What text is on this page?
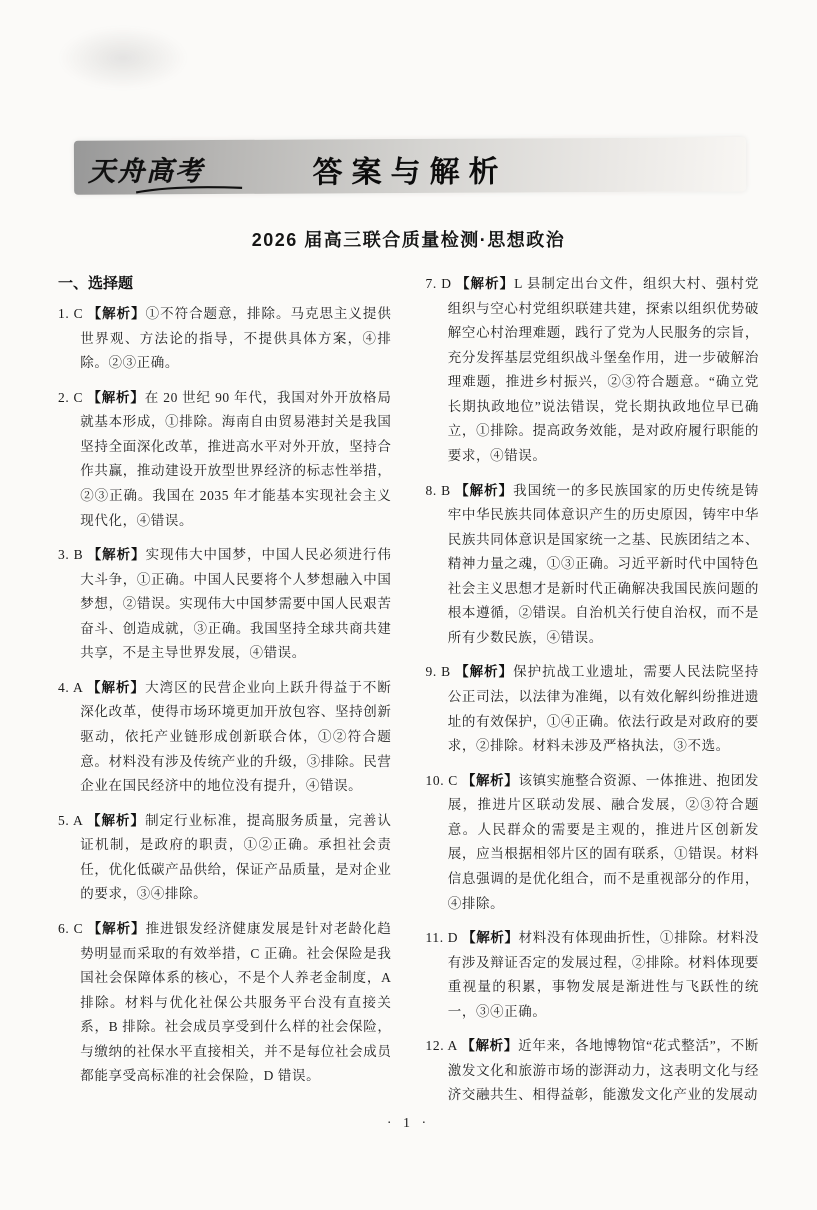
天舟高考	答案与解析
2026 届高三联合质量检测·思想政治
一、选择题

1. C 【解析】①不符合题意，排除。马克思主义提供世界观、方法论的指导，不提供具体方案，④排除。②③正确。

2. C 【解析】在 20 世纪 90 年代，我国对外开放格局就基本形成，①排除。海南自由贸易港封关是我国坚持全面深化改革，推进高水平对外开放，坚持合作共赢，推动建设开放型世界经济的标志性举措，②③正确。我国在 2035 年才能基本实现社会主义现代化，④错误。

3. B 【解析】实现伟大中国梦，中国人民必须进行伟大斗争，①正确。中国人民要将个人梦想融入中国梦想，②错误。实现伟大中国梦需要中国人民艰苦奋斗、创造成就，③正确。我国坚持全球共商共建共享，不是主导世界发展，④错误。

4. A 【解析】大湾区的民营企业向上跃升得益于不断深化改革，使得市场环境更加开放包容、坚持创新驱动，依托产业链形成创新联合体，①②符合题意。材料没有涉及传统产业的升级，③排除。民营企业在国民经济中的地位没有提升，④错误。

5. A 【解析】制定行业标准，提高服务质量，完善认证机制，是政府的职责，①②正确。承担社会责任，优化低碳产品供给，保证产品质量，是对企业的要求，③④排除。

6. C 【解析】推进银发经济健康发展是针对老龄化趋势明显而采取的有效举措，C 正确。社会保险是我国社会保障体系的核心，不是个人养老金制度，A 排除。材料与优化社保公共服务平台没有直接关系，B 排除。社会成员享受到什么样的社会保险，与缴纳的社保水平直接相关，并不是每位社会成员都能享受高标准的社会保险，D 错误。

7. D 【解析】L 县制定出台文件，组织大村、强村党组织与空心村党组织联建共建，探索以组织优势破解空心村治理难题，践行了党为人民服务的宗旨，充分发挥基层党组织战斗堡垒作用，进一步破解治理难题，推进乡村振兴，②③符合题意。“确立党长期执政地位”说法错误，党长期执政地位早已确立，①排除。提高政务效能，是对政府履行职能的要求，④错误。

8. B 【解析】我国统一的多民族国家的历史传统是铸牢中华民族共同体意识产生的历史原因，铸牢中华民族共同体意识是国家统一之基、民族团结之本、精神力量之魂，①③正确。习近平新时代中国特色社会主义思想才是新时代正确解决我国民族问题的根本遵循，②错误。自治机关行使自治权，而不是所有少数民族，④错误。

9. B 【解析】保护抗战工业遗址，需要人民法院坚持公正司法，以法律为准绳，以有效化解纠纷推进遗址的有效保护，①④正确。依法行政是对政府的要求，②排除。材料未涉及严格执法，③不选。

10. C 【解析】该镇实施整合资源、一体推进、抱团发展，推进片区联动发展、融合发展，②③符合题意。人民群众的需要是主观的，推进片区创新发展，应当根据相邻片区的固有联系，①错误。材料信息强调的是优化组合，而不是重视部分的作用，④排除。

11. D 【解析】材料没有体现曲折性，①排除。材料没有涉及辩证否定的发展过程，②排除。材料体现要重视量的积累，事物发展是渐进性与飞跃性的统一，③④正确。

12. A 【解析】近年来，各地博物馆“花式整活”，不断激发文化和旅游市场的澎湃动力，这表明文化与经济交融共生、相得益彰，能激发文化产业的发展动

· 1 ·
